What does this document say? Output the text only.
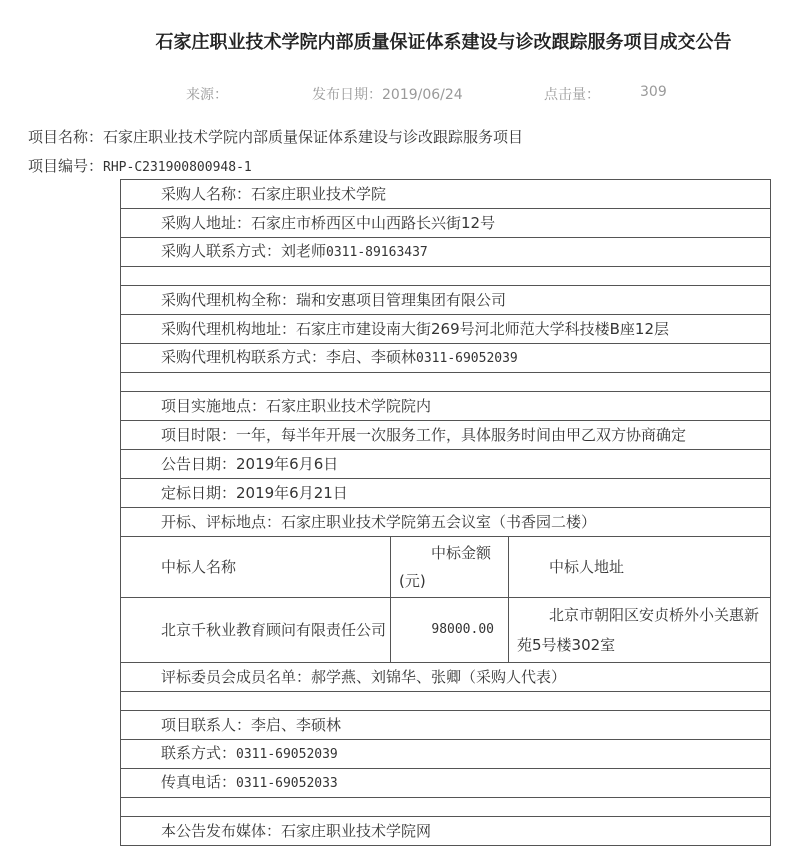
石家庄职业技术学院内部质量保证体系建设与诊改跟踪服务项目成交公告
来源：	发布日期：2019/06/24	点击量：	309
项目名称：石家庄职业技术学院内部质量保证体系建设与诊改跟踪服务项目
项目编号：RHP-C231900800948-1
采购人名称：石家庄职业技术学院		
采购人地址：石家庄市桥西区中山西路长兴街12号		
采购人联系方式：刘老师0311-89163437		

采购代理机构全称：瑞和安惠项目管理集团有限公司		
采购代理机构地址：石家庄市建设南大街269号河北师范大学科技楼B座12层		
采购代理机构联系方式：李启、李硕林0311-69052039		

项目实施地点：石家庄职业技术学院院内		
项目时限：一年，每半年开展一次服务工作，具体服务时间由甲乙双方协商确定		
公告日期：2019年6月6日		
定标日期：2019年6月21日		
开标、评标地点：石家庄职业技术学院第五会议室（书香园二楼）		
中标人名称	中标金额(元)	中标人地址
北京千秋业教育顾问有限责任公司	98000.00	北京市朝阳区安贞桥外小关惠新苑5号楼302室
评标委员会成员名单：郝学燕、刘锦华、张卿（采购人代表）		

项目联系人：李启、李硕林		
联系方式：0311-69052039		
传真电话：0311-69052033		

本公告发布媒体：石家庄职业技术学院网		
